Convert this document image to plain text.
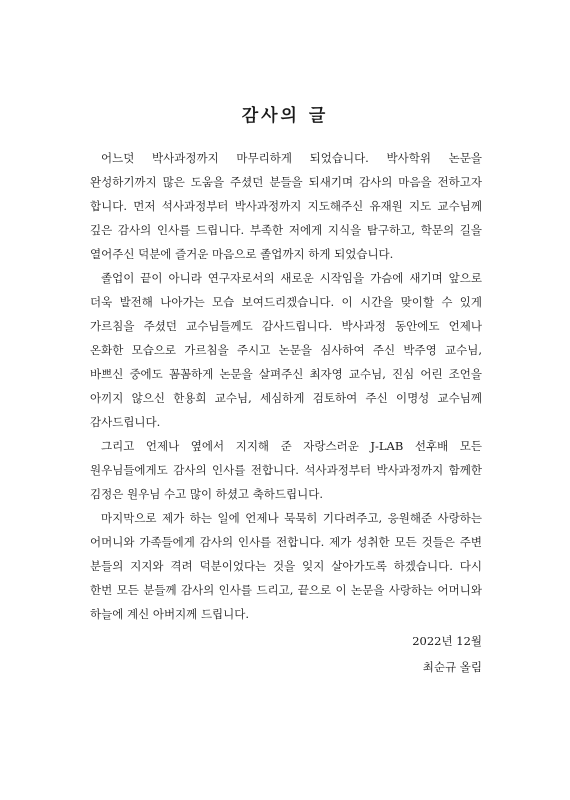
감사의 글

어느덧 박사과정까지 마무리하게 되었습니다. 박사학위 논문을 완성하기까지 많은 도움을 주셨던 분들을 되새기며 감사의 마음을 전하고자 합니다. 먼저 석사과정부터 박사과정까지 지도해주신 유재원 지도 교수님께 깊은 감사의 인사를 드립니다. 부족한 저에게 지식을 탐구하고, 학문의 길을 열어주신 덕분에 즐거운 마음으로 졸업까지 하게 되었습니다.

졸업이 끝이 아니라 연구자로서의 새로운 시작임을 가슴에 새기며 앞으로 더욱 발전해 나아가는 모습 보여드리겠습니다. 이 시간을 맞이할 수 있게 가르침을 주셨던 교수님들께도 감사드립니다. 박사과정 동안에도 언제나 온화한 모습으로 가르침을 주시고 논문을 심사하여 주신 박주영 교수님, 바쁘신 중에도 꼼꼼하게 논문을 살펴주신 최자영 교수님, 진심 어린 조언을 아끼지 않으신 한용희 교수님, 세심하게 검토하여 주신 이명성 교수님께 감사드립니다.

그리고 언제나 옆에서 지지해 준 자랑스러운 J-LAB 선후배 모든 원우님들에게도 감사의 인사를 전합니다. 석사과정부터 박사과정까지 함께한 김정은 원우님 수고 많이 하셨고 축하드립니다.

마지막으로 제가 하는 일에 언제나 묵묵히 기다려주고, 응원해준 사랑하는 어머니와 가족들에게 감사의 인사를 전합니다. 제가 성취한 모든 것들은 주변 분들의 지지와 격려 덕분이었다는 것을 잊지 살아가도록 하겠습니다. 다시 한번 모든 분들께 감사의 인사를 드리고, 끝으로 이 논문을 사랑하는 어머니와 하늘에 계신 아버지께 드립니다.

2022년 12월

최순규 올림
